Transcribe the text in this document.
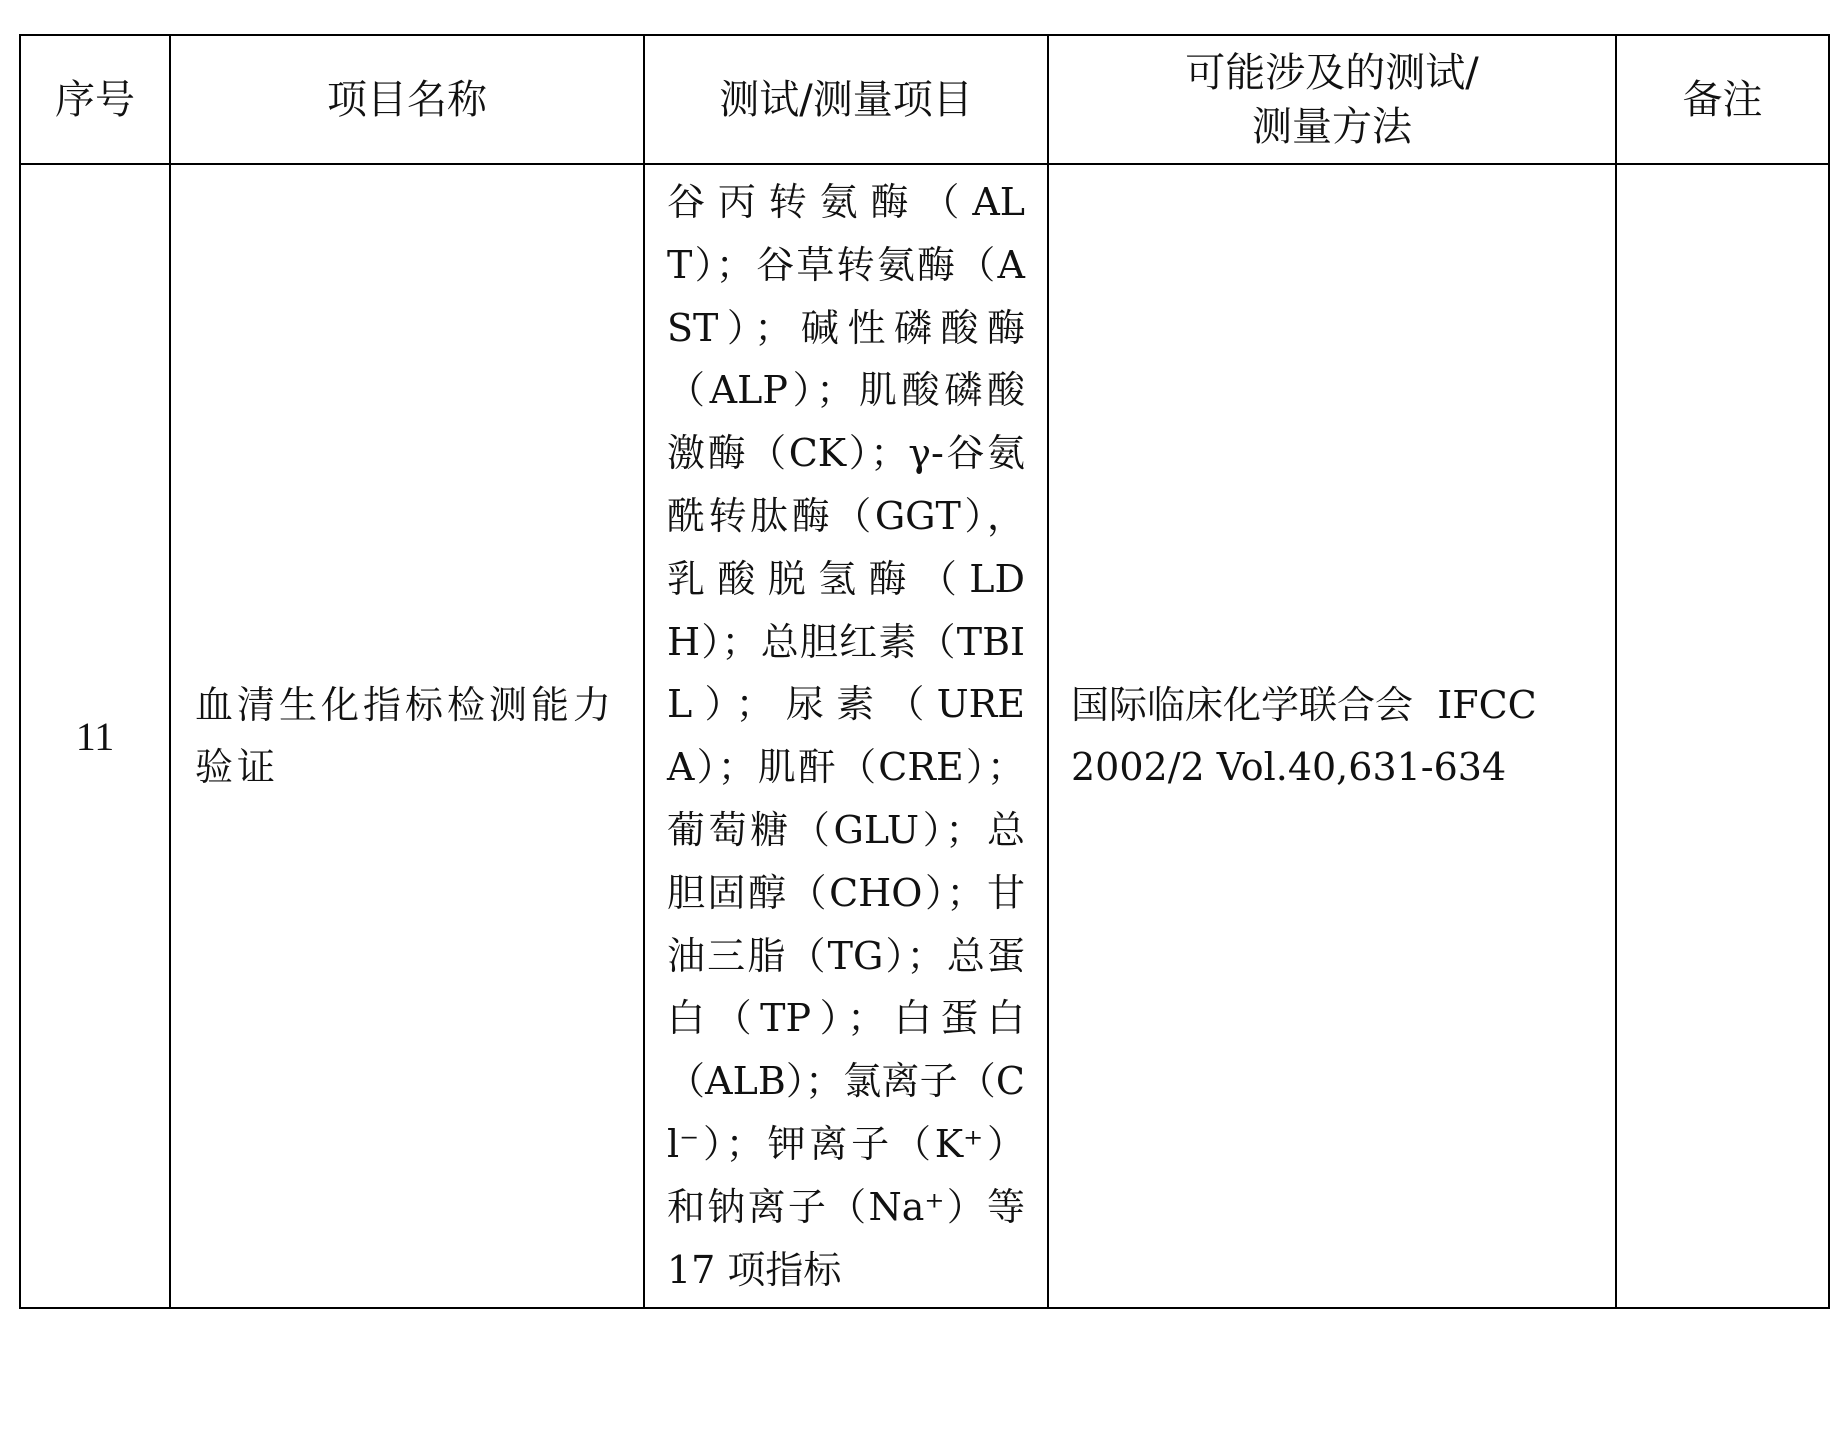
序号	项目名称	测试/测量项目	可能涉及的测试/
测量方法	备注
11	血清生化指标检测能力验证	谷丙转氨酶（ALT）；谷草转氨酶（AST）；碱性磷酸酶（ALP）；肌酸磷酸激酶（CK）；γ-谷氨酰转肽酶（GGT），乳酸脱氢酶（LDH）；总胆红素（TBIL）；尿素（UREA）；肌酐（CRE）；葡萄糖（GLU）；总胆固醇（CHO）；甘油三脂（TG）；总蛋白（TP）；白蛋白（ALB）；氯离子（Cl⁻）；钾离子（K⁺）和钠离子（Na⁺）等 17 项指标	国际临床化学联合会 IFCC
2002/2 Vol.40,631-634	
